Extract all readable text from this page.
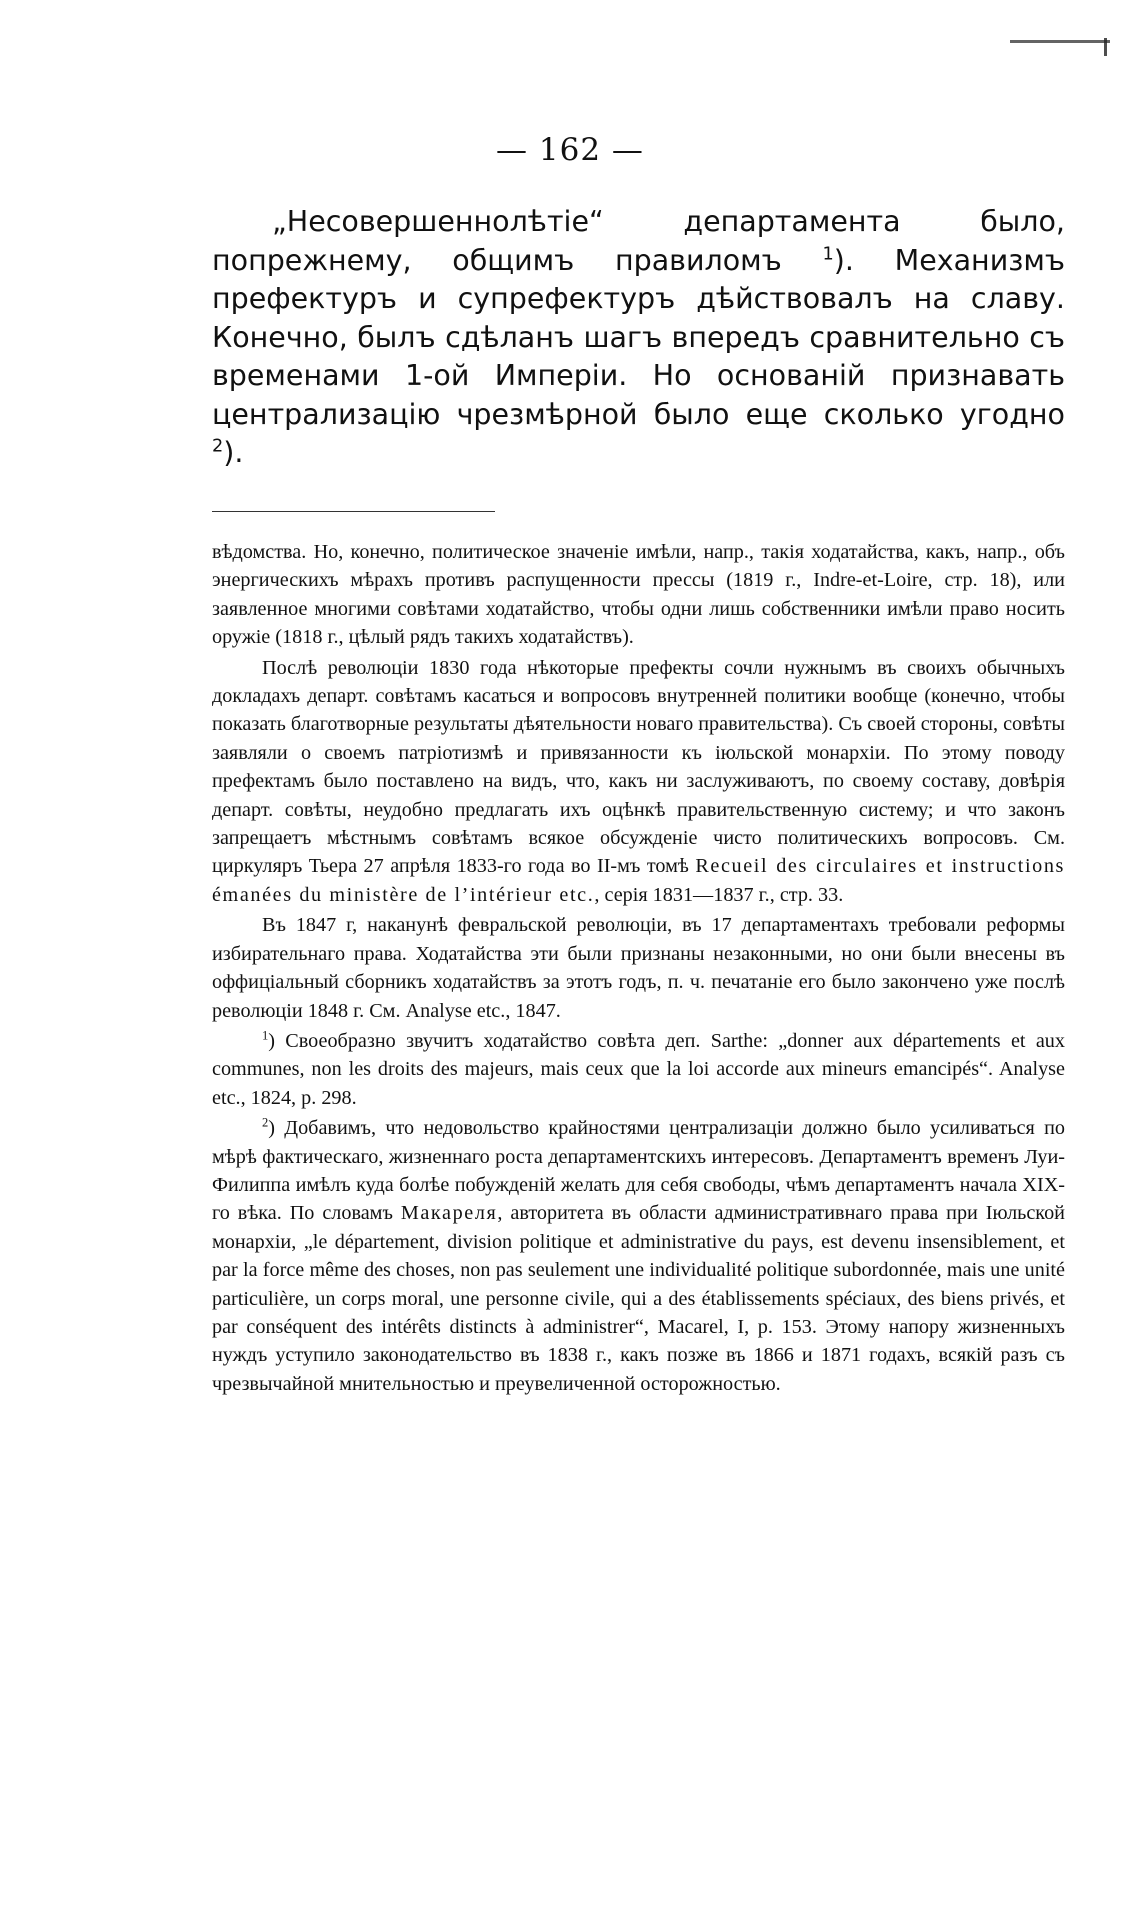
— 162 —

„Несовершеннолѣтіе“ департамента было, попрежнему, общимъ правиломъ $^1$). Механизмъ префектуръ и супрефектуръ дѣйствовалъ на славу. Конечно, былъ сдѣланъ шагъ впередъ сравнительно съ временами 1-ой Имперіи. Но основаній признавать централизацію чрезмѣрной было еще сколько угодно $^2$).

вѣдомства. Но, конечно, политическое значеніе имѣли, напр., такія ходатайства, какъ, напр., объ энергическихъ мѣрахъ противъ распущенности прессы (1819 г., Indre-et-Loire, стр. 18), или заявленное многими совѣтами ходатайство, чтобы одни лишь собственники имѣли право носить оружіе (1818 г., цѣлый рядъ такихъ ходатайствъ).

Послѣ революціи 1830 года нѣкоторые префекты сочли нужнымъ въ своихъ обычныхъ докладахъ департ. совѣтамъ касаться и вопросовъ внутренней политики вообще (конечно, чтобы показать благотворные результаты дѣятельности новаго правительства). Съ своей стороны, совѣты заявляли о своемъ патріотизмѣ и привязанности къ іюльской монархіи. По этому поводу префектамъ было поставлено на видъ, что, какъ ни заслуживаютъ, по своему составу, довѣрія департ. совѣты, неудобно предлагать ихъ оцѣнкѣ правительственную систему; и что законъ запрещаетъ мѣстнымъ совѣтамъ всякое обсужденіе чисто политическихъ вопросовъ. См. циркуляръ Тьера 27 апрѣля 1833-го года во II-мъ томѣ Recueil des circulaires et instructions émanées du ministère de l’intérieur etc., серія 1831—1837 г., стр. 33.

Въ 1847 г, наканунѣ февральской революціи, въ 17 департаментахъ требовали реформы избирательнаго права. Ходатайства эти были признаны незаконными, но они были внесены въ оффиціальный сборникъ ходатайствъ за этотъ годъ, п. ч. печатаніе его было закончено уже послѣ революціи 1848 г. См. Analyse etc., 1847.

$^1$) Своеобразно звучитъ ходатайство совѣта деп. Sarthe: „donner aux départements et aux communes, non les droits des majeurs, mais ceux que la loi accorde aux mineurs emancipés“. Analyse etc., 1824, p. 298.

$^2$) Добавимъ, что недовольство крайностями централизаціи должно было усиливаться по мѣрѣ фактическаго, жизненнаго роста департаментскихъ интересовъ. Департаментъ временъ Луи-Филиппа имѣлъ куда болѣе побужденій желать для себя свободы, чѣмъ департаментъ начала XIX-го вѣка. По словамъ Макареля, авторитета въ области административнаго права при Іюльской монархіи, „le département, division politique et administrative du pays, est devenu insensiblement, et par la force même des choses, non pas seulement une individualité politique subordonnée, mais une unité particulière, un corps moral, une personne civile, qui a des établissements spéciaux, des biens privés, et par conséquent des intérêts distincts à administrer“, Macarel, I, p. 153. Этому напору жизненныхъ нуждъ уступило законодательство въ 1838 г., какъ позже въ 1866 и 1871 годахъ, всякій разъ съ чрезвычайной мнительностью и преувеличенной осторожностью.
